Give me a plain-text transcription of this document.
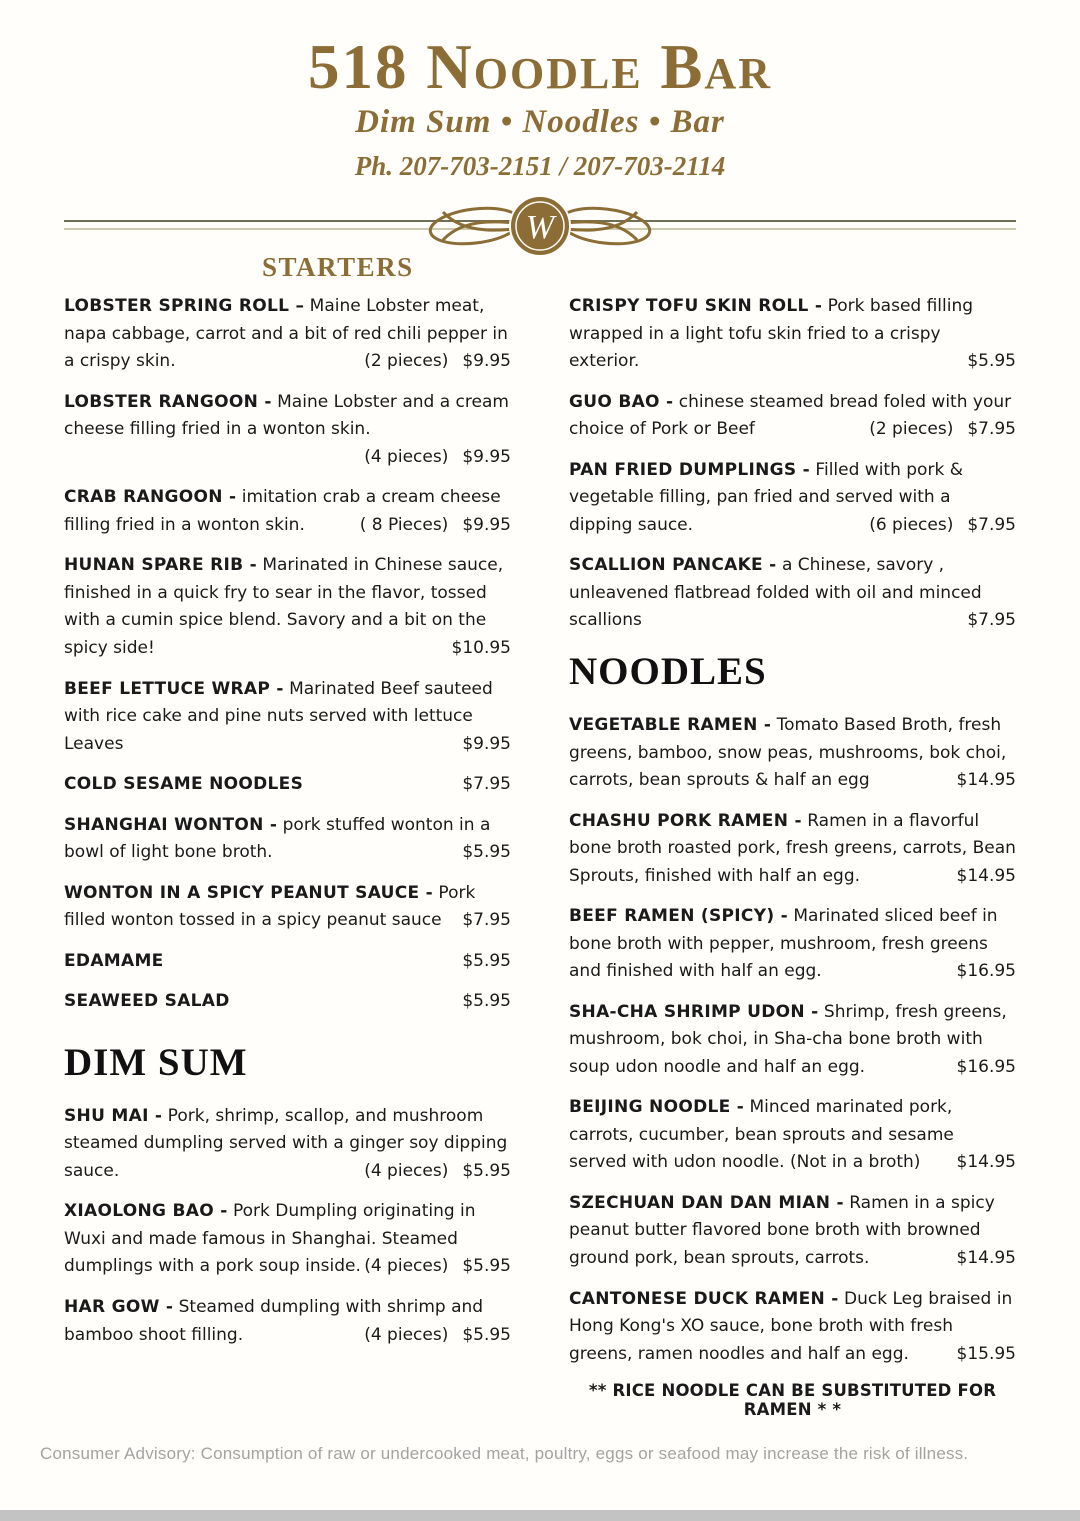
518 Noodle Bar
Dim Sum • Noodles • Bar
Ph. 207-703-2151 / 207-703-2114
W
STARTERS
LOBSTER SPRING ROLL – Maine Lobster meat, napa cabbage, carrot and a bit of red chili pepper in a crispy skin.	(2 pieces) $9.95
LOBSTER RANGOON - Maine Lobster and a cream cheese filling fried in a wonton skin.
(4 pieces) $9.95
CRAB RANGOON - imitation crab a cream cheese filling fried in a wonton skin.	( 8 Pieces) $9.95
HUNAN SPARE RIB - Marinated in Chinese sauce, finished in a quick fry to sear in the flavor, tossed with a cumin spice blend. Savory and a bit on the spicy side!	$10.95
BEEF LETTUCE WRAP - Marinated Beef sauteed with rice cake and pine nuts served with lettuce Leaves	$9.95
COLD SESAME NOODLES	$7.95
SHANGHAI WONTON - pork stuffed wonton in a bowl of light bone broth.	$5.95
WONTON IN A SPICY PEANUT SAUCE - Pork filled wonton tossed in a spicy peanut sauce $7.95
EDAMAME	$5.95
SEAWEED SALAD	$5.95
DIM SUM
SHU MAI - Pork, shrimp, scallop, and mushroom steamed dumpling served with a ginger soy dipping sauce.	(4 pieces) $5.95
XIAOLONG BAO - Pork Dumpling originating in Wuxi and made famous in Shanghai. Steamed dumplings with a pork soup inside. (4 pieces) $5.95
HAR GOW - Steamed dumpling with shrimp and bamboo shoot filling.	(4 pieces) $5.95
CRISPY TOFU SKIN ROLL - Pork based filling wrapped in a light tofu skin fried to a crispy exterior.	$5.95
GUO BAO - chinese steamed bread foled with your choice of Pork or Beef	(2 pieces) $7.95
PAN FRIED DUMPLINGS - Filled with pork & vegetable filling, pan fried and served with a dipping sauce.	(6 pieces) $7.95
SCALLION PANCAKE - a Chinese, savory , unleavened flatbread folded with oil and minced scallions	$7.95
NOODLES
VEGETABLE RAMEN - Tomato Based Broth, fresh greens, bamboo, snow peas, mushrooms, bok choi, carrots, bean sprouts & half an egg	$14.95
CHASHU PORK RAMEN - Ramen in a flavorful bone broth roasted pork, fresh greens, carrots, Bean Sprouts, finished with half an egg.	$14.95
BEEF RAMEN (SPICY) - Marinated sliced beef in bone broth with pepper, mushroom, fresh greens and finished with half an egg.	$16.95
SHA-CHA SHRIMP UDON - Shrimp, fresh greens, mushroom, bok choi, in Sha-cha bone broth with soup udon noodle and half an egg.	$16.95
BEIJING NOODLE - Minced marinated pork, carrots, cucumber, bean sprouts and sesame served with udon noodle. (Not in a broth) $14.95
SZECHUAN DAN DAN MIAN - Ramen in a spicy peanut butter flavored bone broth with browned ground pork, bean sprouts, carrots.	$14.95
CANTONESE DUCK RAMEN - Duck Leg braised in Hong Kong's XO sauce, bone broth with fresh greens, ramen noodles and half an egg.	$15.95
** RICE NOODLE CAN BE SUBSTITUTED FOR RAMEN * *
Consumer Advisory: Consumption of raw or undercooked meat, poultry, eggs or seafood may increase the risk of illness.
